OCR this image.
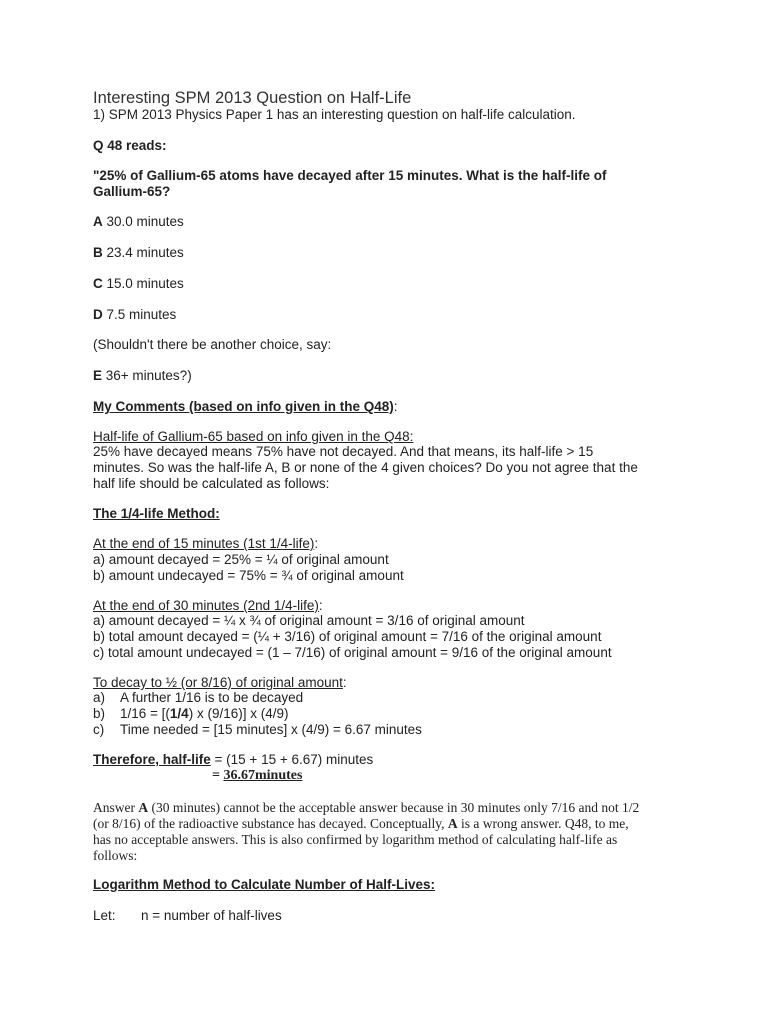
Interesting SPM 2013 Question on Half-Life
1) SPM 2013 Physics Paper 1 has an interesting question on half-life calculation.
Q 48 reads:
"25% of Gallium-65 atoms have decayed after 15 minutes. What is the half-life of
Gallium-65?
A 30.0 minutes
B 23.4 minutes
C 15.0 minutes
D 7.5 minutes
(Shouldn't there be another choice, say:
E 36+ minutes?)
My Comments (based on info given in the Q48):
Half-life of Gallium-65 based on info given in the Q48:
25% have decayed means 75% have not decayed. And that means, its half-life > 15
minutes. So was the half-life A, B or none of the 4 given choices? Do you not agree that the
half life should be calculated as follows:
The 1/4-life Method:
At the end of 15 minutes (1st 1/4-life):
a) amount decayed = 25% = ¼ of original amount
b) amount undecayed = 75% = ¾ of original amount
At the end of 30 minutes (2nd 1/4-life):
a) amount decayed = ¼ x ¾ of original amount = 3/16 of original amount
b) total amount decayed = (¼ + 3/16) of original amount = 7/16 of the original amount
c) total amount undecayed = (1 – 7/16) of original amount = 9/16 of the original amount
To decay to ½ (or 8/16) of original amount:
a) A further 1/16 is to be decayed
b) 1/16 = [(1/4) x (9/16)] x (4/9)
c) Time needed = [15 minutes] x (4/9) = 6.67 minutes
Therefore, half-life = (15 + 15 + 6.67) minutes
= 36.67minutes
Answer A (30 minutes) cannot be the acceptable answer because in 30 minutes only 7/16 and not 1/2
(or 8/16) of the radioactive substance has decayed. Conceptually, A is a wrong answer. Q48, to me,
has no acceptable answers. This is also confirmed by logarithm method of calculating half-life as
follows:
Logarithm Method to Calculate Number of Half-Lives:
Let: n = number of half-lives
